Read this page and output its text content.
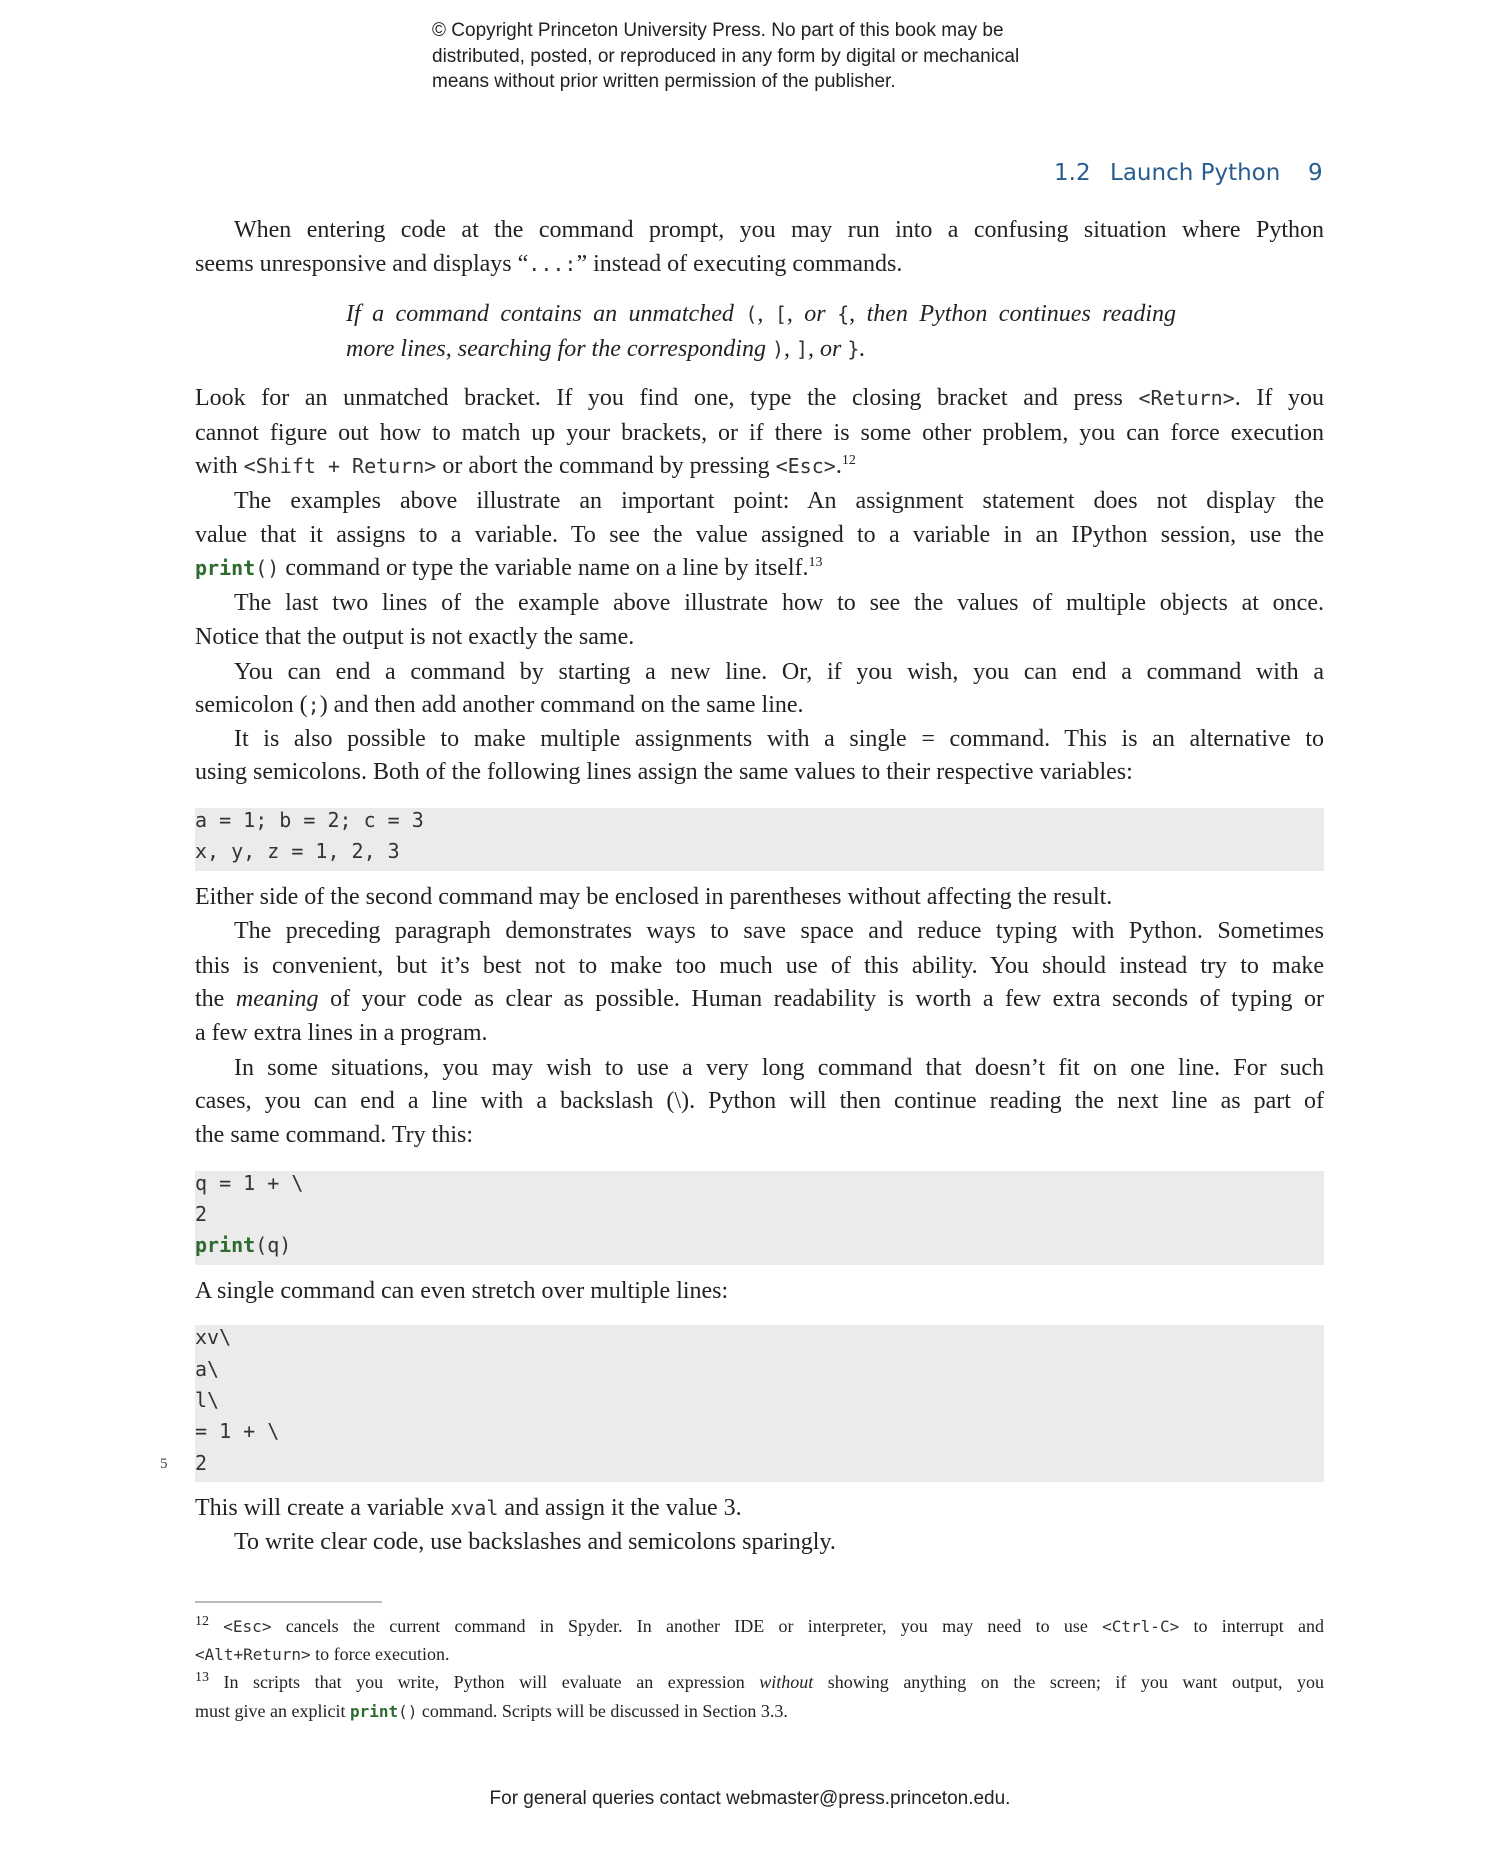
© Copyright Princeton University Press. No part of this book may be
distributed, posted, or reproduced in any form by digital or mechanical
means without prior written permission of the publisher.
1.2 Launch Python 9
When entering code at the command prompt, you may run into a confusing situation where Python
seems unresponsive and displays “...:” instead of executing commands.
If a command contains an unmatched (, [, or {, then Python continues reading
more lines, searching for the corresponding ), ], or }.
Look for an unmatched bracket. If you find one, type the closing bracket and press <Return>. If you
cannot figure out how to match up your brackets, or if there is some other problem, you can force execution
with <Shift + Return> or abort the command by pressing <Esc>.$^{12}$
The examples above illustrate an important point: An assignment statement does not display the
value that it assigns to a variable. To see the value assigned to a variable in an IPython session, use the
print() command or type the variable name on a line by itself.$^{13}$
The last two lines of the example above illustrate how to see the values of multiple objects at once.
Notice that the output is not exactly the same.
You can end a command by starting a new line. Or, if you wish, you can end a command with a
semicolon (;) and then add another command on the same line.
It is also possible to make multiple assignments with a single = command. This is an alternative to
using semicolons. Both of the following lines assign the same values to their respective variables:
Either side of the second command may be enclosed in parentheses without affecting the result.
The preceding paragraph demonstrates ways to save space and reduce typing with Python. Sometimes
this is convenient, but it’s best not to make too much use of this ability. You should instead try to make
the meaning of your code as clear as possible. Human readability is worth a few extra seconds of typing or
a few extra lines in a program.
In some situations, you may wish to use a very long command that doesn’t fit on one line. For such
cases, you can end a line with a backslash (\). Python will then continue reading the next line as part of
the same command. Try this:
A single command can even stretch over multiple lines:
This will create a variable xval and assign it the value 3.
To write clear code, use backslashes and semicolons sparingly.
a = 1; b = 2; c = 3
x, y, z = 1, 2, 3
q = 1 + \
2
print(q)
xv\
a\
l\
= 1 + \
2
5
$^{12}$ <Esc> cancels the current command in Spyder. In another IDE or interpreter, you may need to use <Ctrl-C> to interrupt and
<Alt+Return> to force execution.
$^{13}$ In scripts that you write, Python will evaluate an expression without showing anything on the screen; if you want output, you
must give an explicit print() command. Scripts will be discussed in Section 3.3.
For general queries contact webmaster@press.princeton.edu.
